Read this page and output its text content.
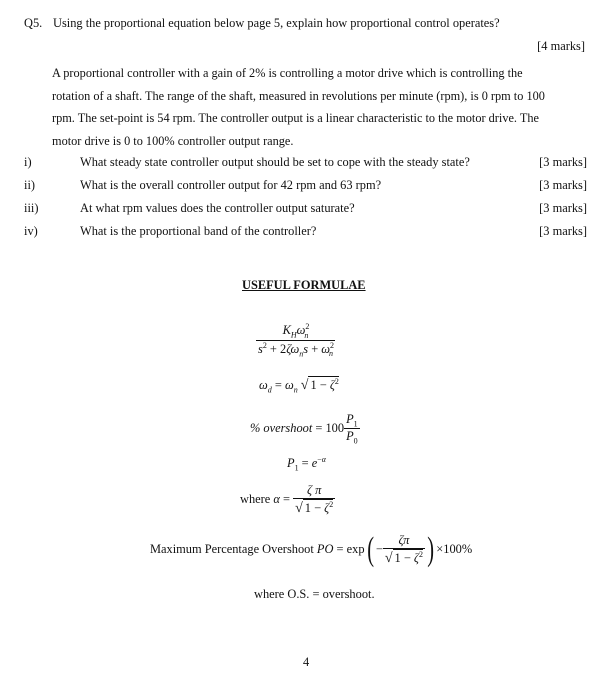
Q5. Using the proportional equation below page 5, explain how proportional control operates?
[4 marks]
A proportional controller with a gain of 2% is controlling a motor drive which is controlling the
rotation of a shaft. The range of the shaft, measured in revolutions per minute (rpm), is 0 rpm to 100
rpm. The set-point is 54 rpm. The controller output is a linear characteristic to the motor drive. The
motor drive is 0 to 100% controller output range.
i)	What steady state controller output should be set to cope with the steady state?	[3 marks]
ii)	What is the overall controller output for 42 rpm and 63 rpm?	[3 marks]
iii)	At what rpm values does the controller output saturate?	[3 marks]
iv)	What is the proportional band of the controller?	[3 marks]
USEFUL FORMULAE
$\frac{K_H\omega^2_n}{s^2 + 2\zeta\omega_ns + \omega^2_n}$
$\omega_d = \omega_n$ √ $1 - \zeta^2$
% overshoot = $100 \frac{P_1}{P_0}$
$P_1 = e^{-\alpha}$
where $\alpha = \frac{\text{ζ π}}{√ 1 - \zeta^2}$
Maximum Percentage Overshoot PO = $\exp( - \frac{\zeta\pi}{√ 1 - \zeta^2}$ ) ×100%
where O.S. = overshoot.
4
